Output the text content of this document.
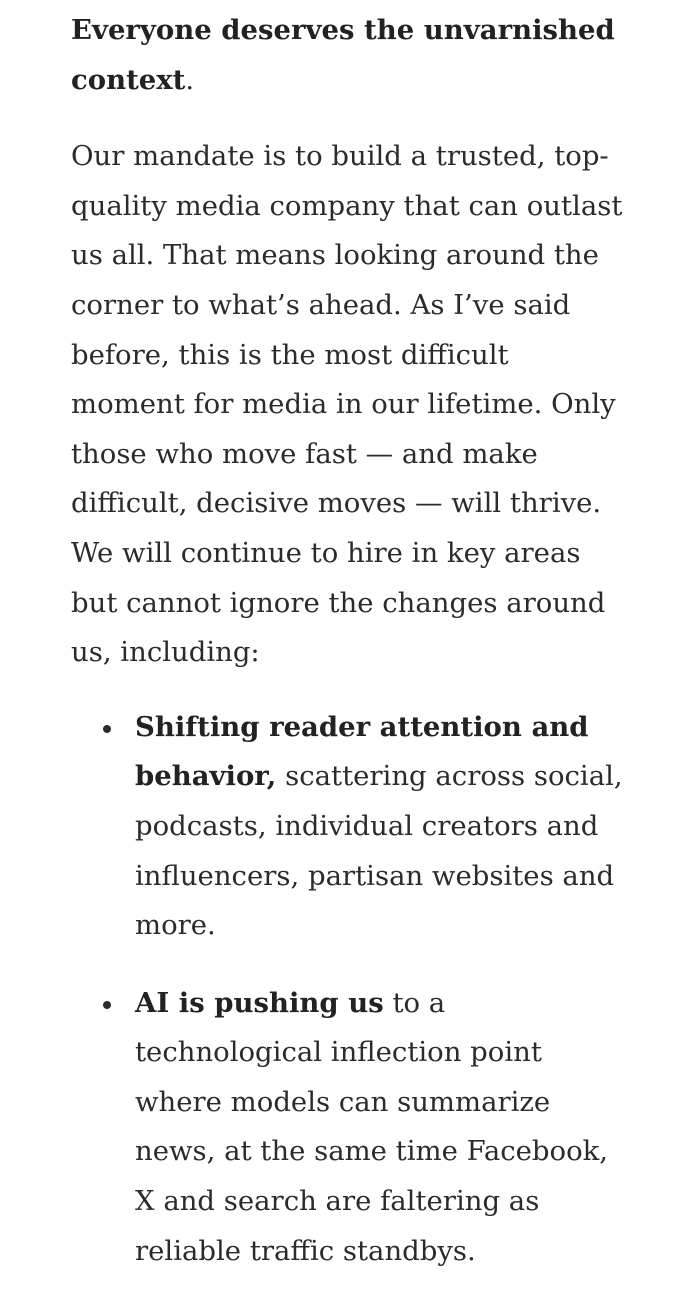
Everyone deserves the unvarnished context.

Our mandate is to build a trusted, top-quality media company that can outlast us all. That means looking around the corner to what’s ahead. As I’ve said before, this is the most difficult moment for media in our lifetime. Only those who move fast — and make difficult, decisive moves — will thrive. We will continue to hire in key areas but cannot ignore the changes around us, including:

Shifting reader attention and behavior, scattering across social, podcasts, individual creators and influencers, partisan websites and more.
AI is pushing us to a technological inflection point where models can summarize news, at the same time Facebook, X and search are faltering as reliable traffic standbys.
